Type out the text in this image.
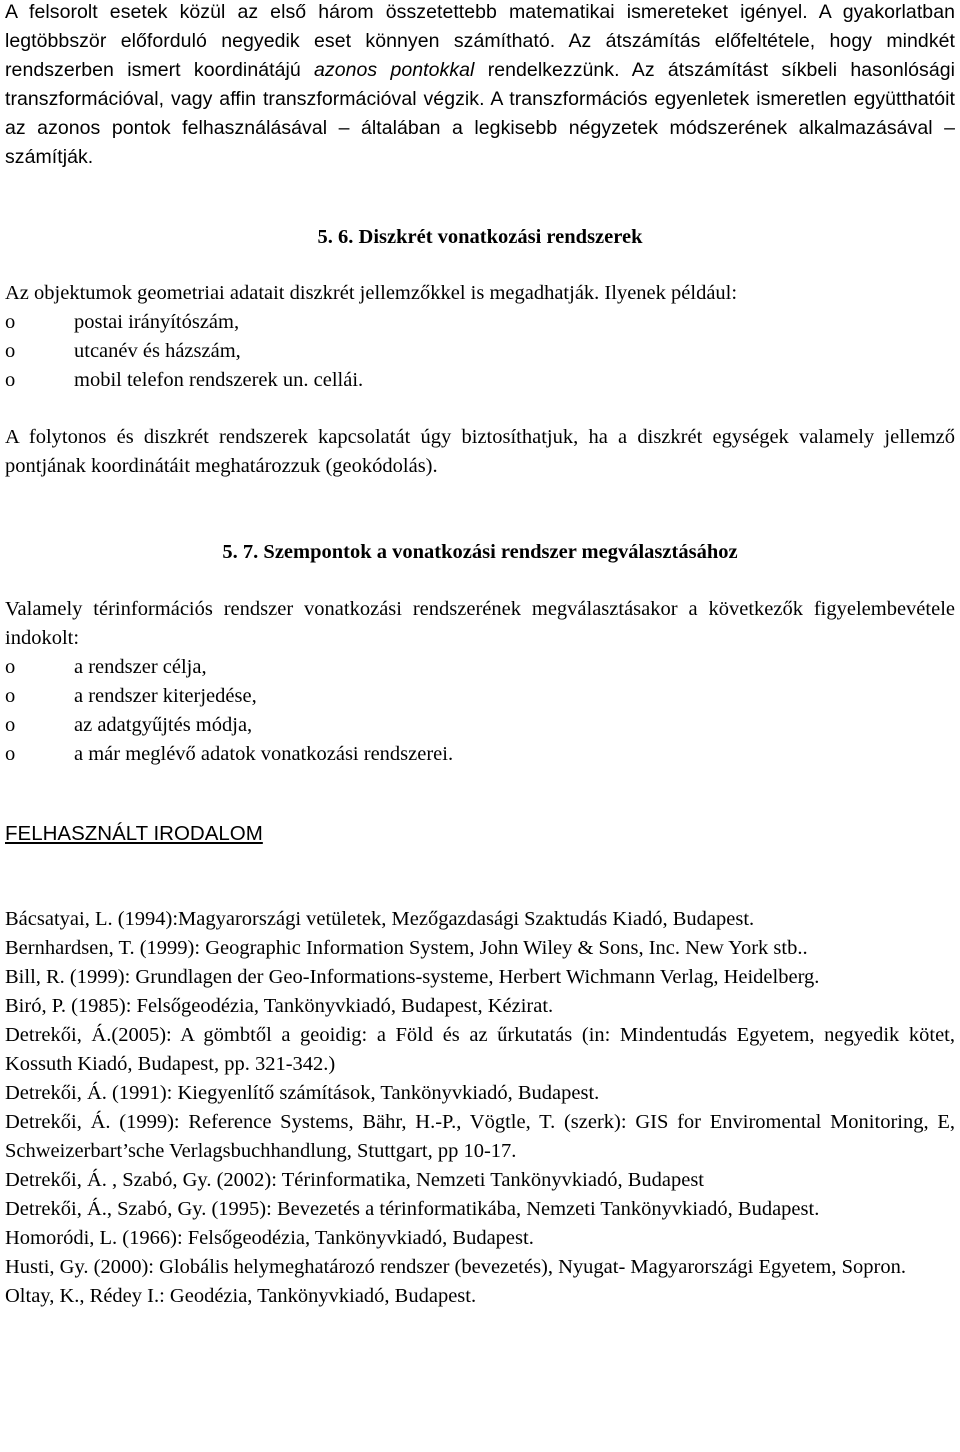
A felsorolt esetek közül az első három összetettebb matematikai ismereteket igényel. A gyakorlatban legtöbbször előforduló negyedik eset könnyen számítható. Az átszámítás előfeltétele, hogy mindkét rendszerben ismert koordinátájú azonos pontokkal rendelkezzünk. Az átszámítást síkbeli hasonlósági transzformációval, vagy affin transzformációval végzik. A transzformációs egyenletek ismeretlen együtthatóit az azonos pontok felhasználásával – általában a legkisebb négyzetek módszerének alkalmazásával – számítják.

5. 6. Diszkrét vonatkozási rendszerek

Az objektumok geometriai adatait diszkrét jellemzőkkel is megadhatják. Ilyenek például:

o	postai irányítószám,
o	utcanév és házszám,
o	mobil telefon rendszerek un. cellái.

A folytonos és diszkrét rendszerek kapcsolatát úgy biztosíthatjuk, ha a diszkrét egységek valamely jellemző pontjának koordinátáit meghatározzuk (geokódolás).

5. 7. Szempontok a vonatkozási rendszer megválasztásához

Valamely térinformációs rendszer vonatkozási rendszerének megválasztásakor a következők figyelembevétele indokolt:

o	a rendszer célja,
o	a rendszer kiterjedése,
o	az adatgyűjtés módja,
o	a már meglévő adatok vonatkozási rendszerei.

FELHASZNÁLT IRODALOM

Bácsatyai, L. (1994):Magyarországi vetületek, Mezőgazdasági Szaktudás Kiadó, Budapest.

Bernhardsen, T. (1999): Geographic Information System, John Wiley & Sons, Inc. New York stb..

Bill, R. (1999): Grundlagen der Geo-Informations-systeme, Herbert Wichmann Verlag, Heidelberg.

Biró, P. (1985): Felsőgeodézia, Tankönyvkiadó, Budapest, Kézirat.

Detrekői, Á.(2005): A gömbtől a geoidig: a Föld és az űrkutatás (in: Mindentudás Egyetem, negyedik kötet, Kossuth Kiadó, Budapest, pp. 321-342.)

Detrekői, Á. (1991): Kiegyenlítő számítások, Tankönyvkiadó, Budapest.

Detrekői, Á. (1999): Reference Systems, Bähr, H.-P., Vögtle, T. (szerk): GIS for Enviromental Monitoring, E, Schweizerbart’sche Verlagsbuchhandlung, Stuttgart, pp 10-17.

Detrekői, Á. , Szabó, Gy. (2002): Térinformatika, Nemzeti Tankönyvkiadó, Budapest

Detrekői, Á., Szabó, Gy. (1995): Bevezetés a térinformatikába, Nemzeti Tankönyvkiadó, Budapest.

Homoródi, L. (1966): Felsőgeodézia, Tankönyvkiadó, Budapest.

Husti, Gy. (2000): Globális helymeghatározó rendszer (bevezetés), Nyugat- Magyarországi Egyetem, Sopron.

Oltay, K., Rédey I.: Geodézia, Tankönyvkiadó, Budapest.
